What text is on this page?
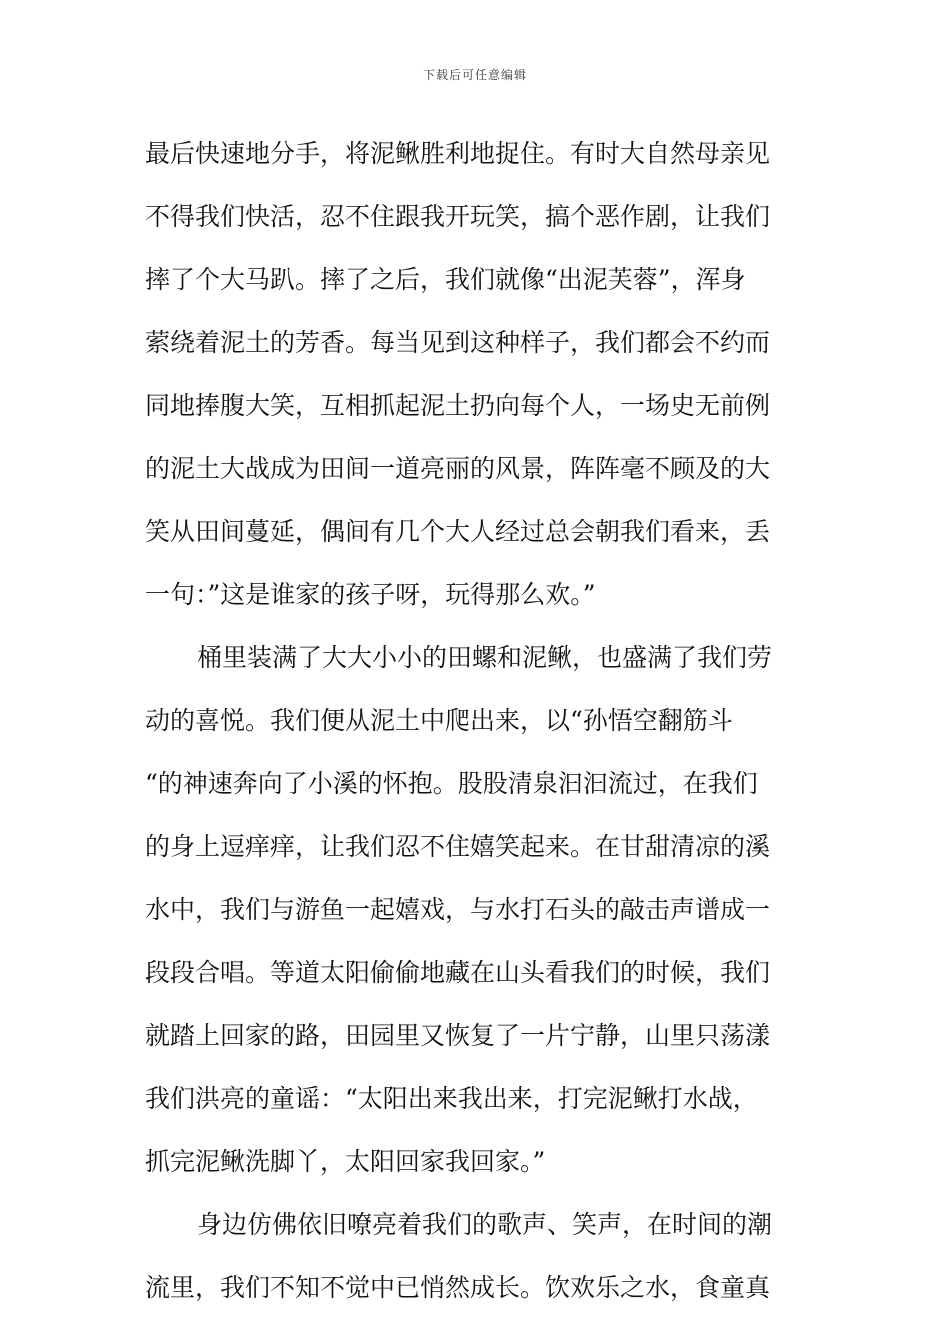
下载后可任意编辑
最后快速地分手，将泥鳅胜利地捉住。有时大自然母亲见
不得我们快活，忍不住跟我开玩笑，搞个恶作剧，让我们
摔了个大马趴。摔了之后，我们就像“出泥芙蓉”，浑身
萦绕着泥土的芳香。每当见到这种样子，我们都会不约而
同地捧腹大笑，互相抓起泥土扔向每个人，一场史无前例
的泥土大战成为田间一道亮丽的风景，阵阵毫不顾及的大
笑从田间蔓延，偶间有几个大人经过总会朝我们看来，丢
一句：”这是谁家的孩子呀，玩得那么欢。”
桶里装满了大大小小的田螺和泥鳅，也盛满了我们劳
动的喜悦。我们便从泥土中爬出来，以“孙悟空翻筋斗
“的神速奔向了小溪的怀抱。股股清泉汩汩流过，在我们
的身上逗痒痒，让我们忍不住嬉笑起来。在甘甜清凉的溪
水中，我们与游鱼一起嬉戏，与水打石头的敲击声谱成一
段段合唱。等道太阳偷偷地藏在山头看我们的时候，我们
就踏上回家的路，田园里又恢复了一片宁静，山里只荡漾
我们洪亮的童谣：“太阳出来我出来，打完泥鳅打水战，
抓完泥鳅洗脚丫，太阳回家我回家。”
身边仿佛依旧嘹亮着我们的歌声、笑声，在时间的潮
流里，我们不知不觉中已悄然成长。饮欢乐之水，食童真
